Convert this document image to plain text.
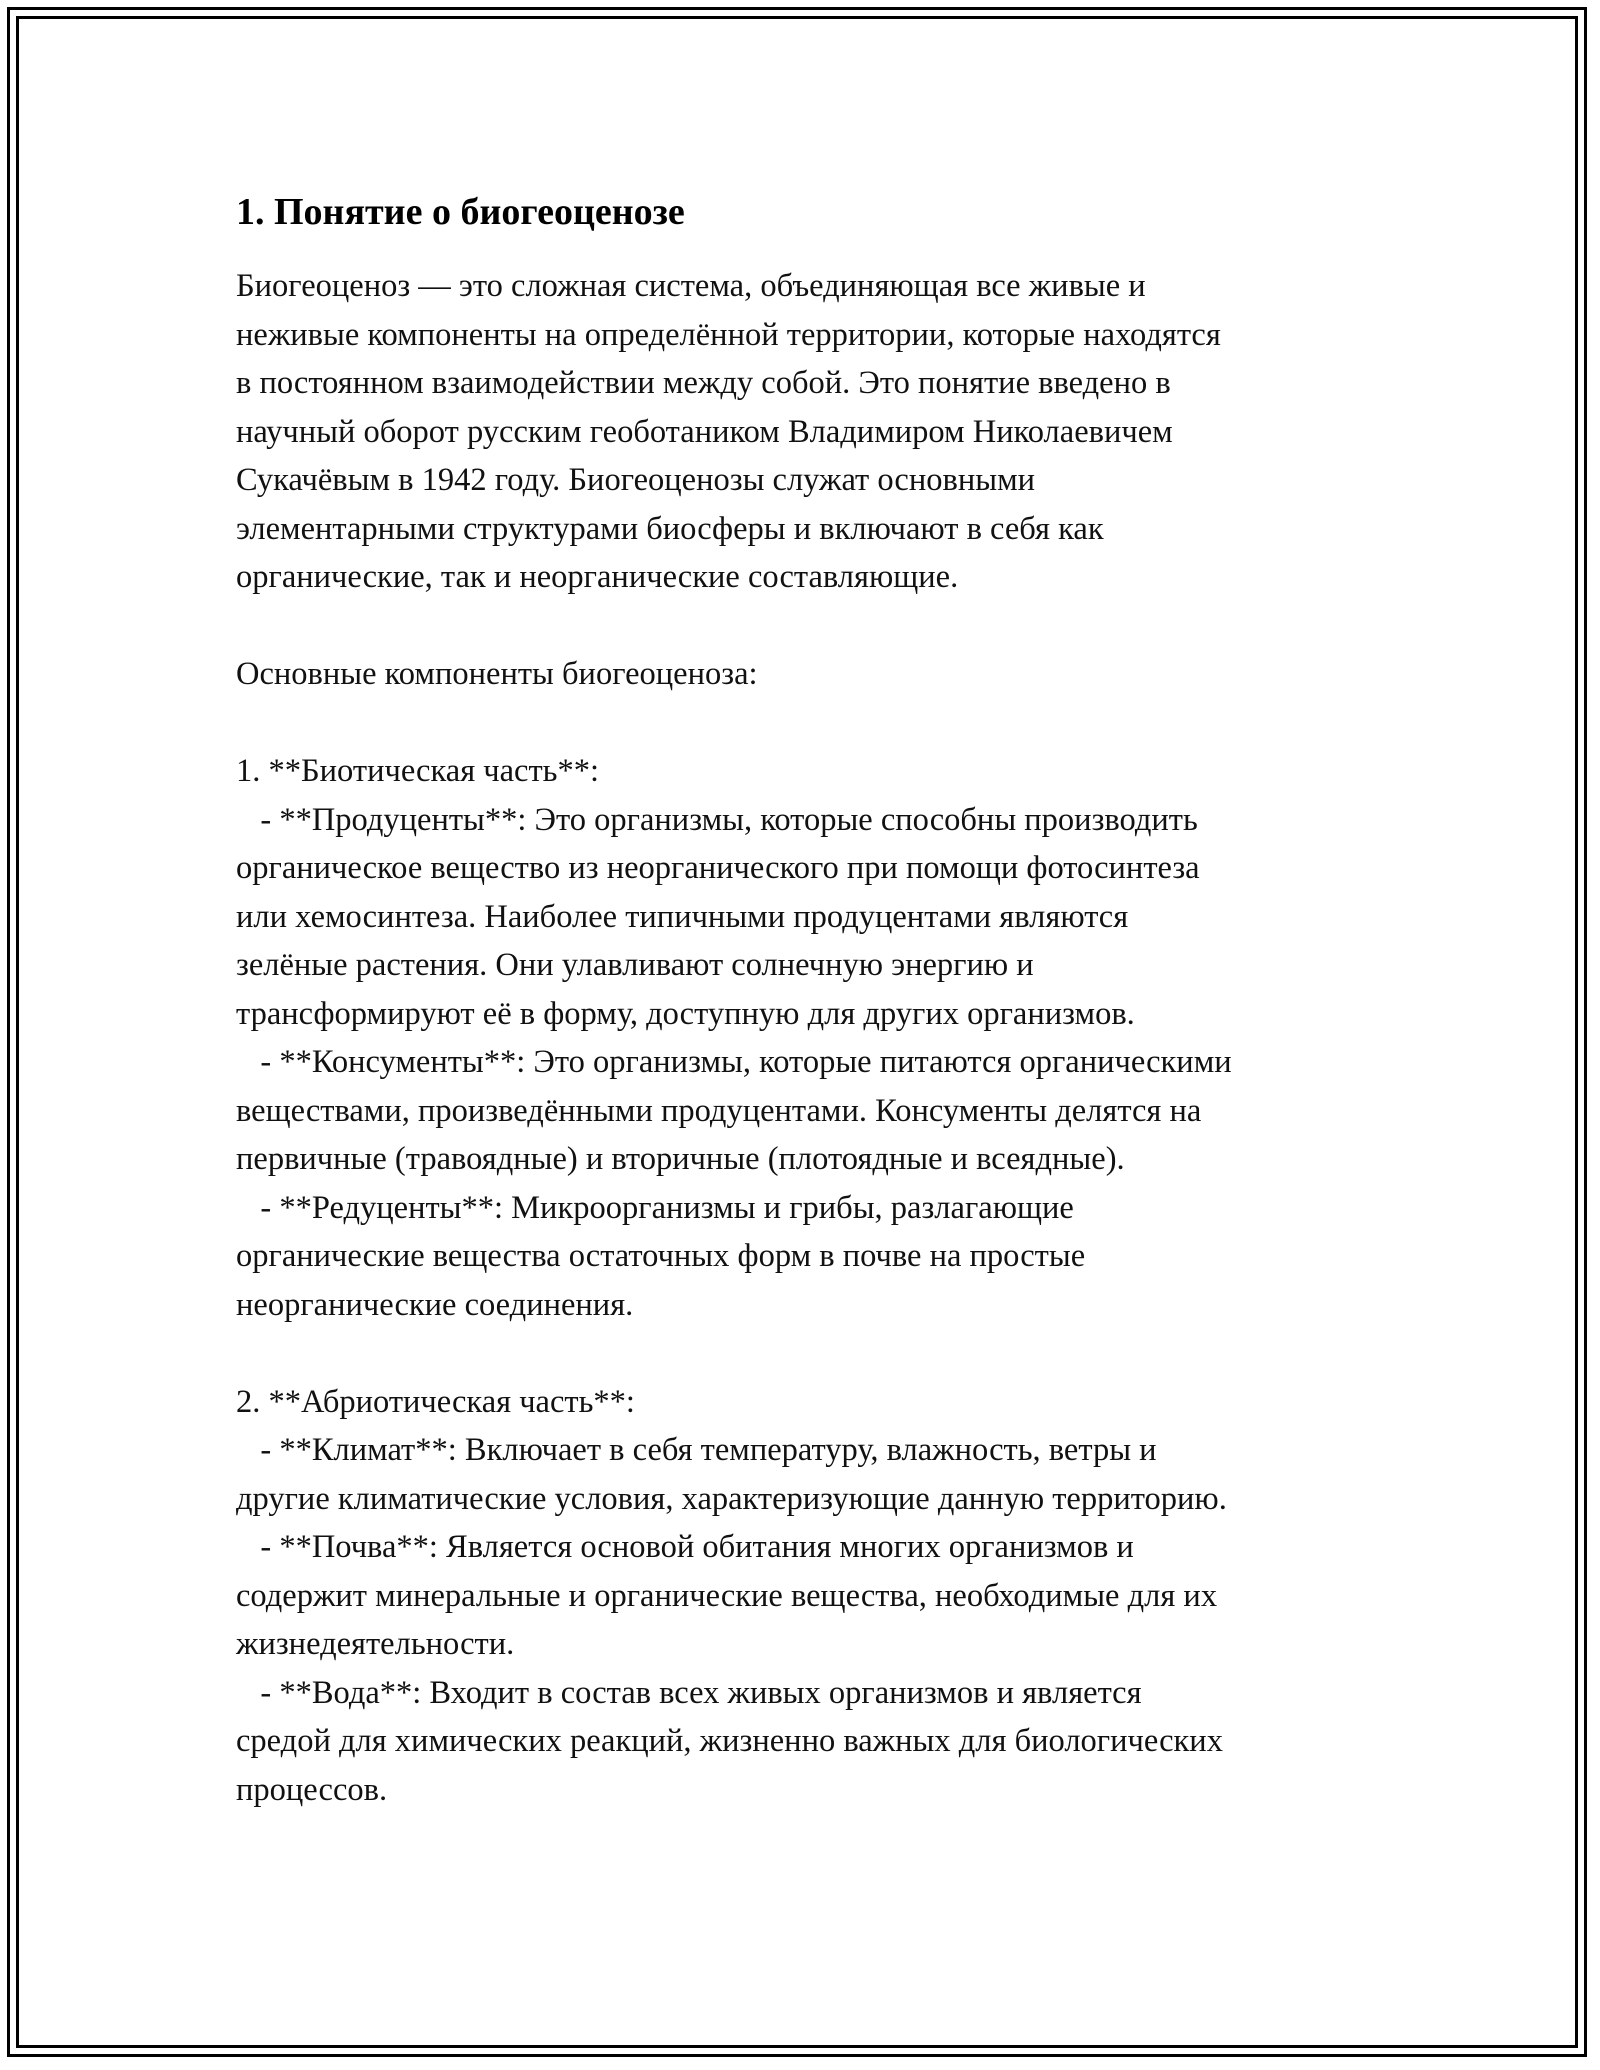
1. Понятие о биогеоценозе

Биогеоценоз — это сложная система, объединяющая все живые и
неживые компоненты на определённой территории, которые находятся
в постоянном взаимодействии между собой. Это понятие введено в
научный оборот русским геоботаником Владимиром Николаевичем
Сукачёвым в 1942 году. Биогеоценозы служат основными
элементарными структурами биосферы и включают в себя как
органические, так и неорганические составляющие.

Основные компоненты биогеоценоза:

1. **Биотическая часть**:

- **Продуценты**: Это организмы, которые способны производить
органическое вещество из неорганического при помощи фотосинтеза
или хемосинтеза. Наиболее типичными продуцентами являются
зелёные растения. Они улавливают солнечную энергию и
трансформируют её в форму, доступную для других организмов.

- **Консументы**: Это организмы, которые питаются органическими
веществами, произведёнными продуцентами. Консументы делятся на
первичные (травоядные) и вторичные (плотоядные и всеядные).

- **Редуценты**: Микроорганизмы и грибы, разлагающие
органические вещества остаточных форм в почве на простые
неорганические соединения.

2. **Абриотическая часть**:

- **Климат**: Включает в себя температуру, влажность, ветры и
другие климатические условия, характеризующие данную территорию.

- **Почва**: Является основой обитания многих организмов и
содержит минеральные и органические вещества, необходимые для их
жизнедеятельности.

- **Вода**: Входит в состав всех живых организмов и является
средой для химических реакций, жизненно важных для биологических
процессов.
